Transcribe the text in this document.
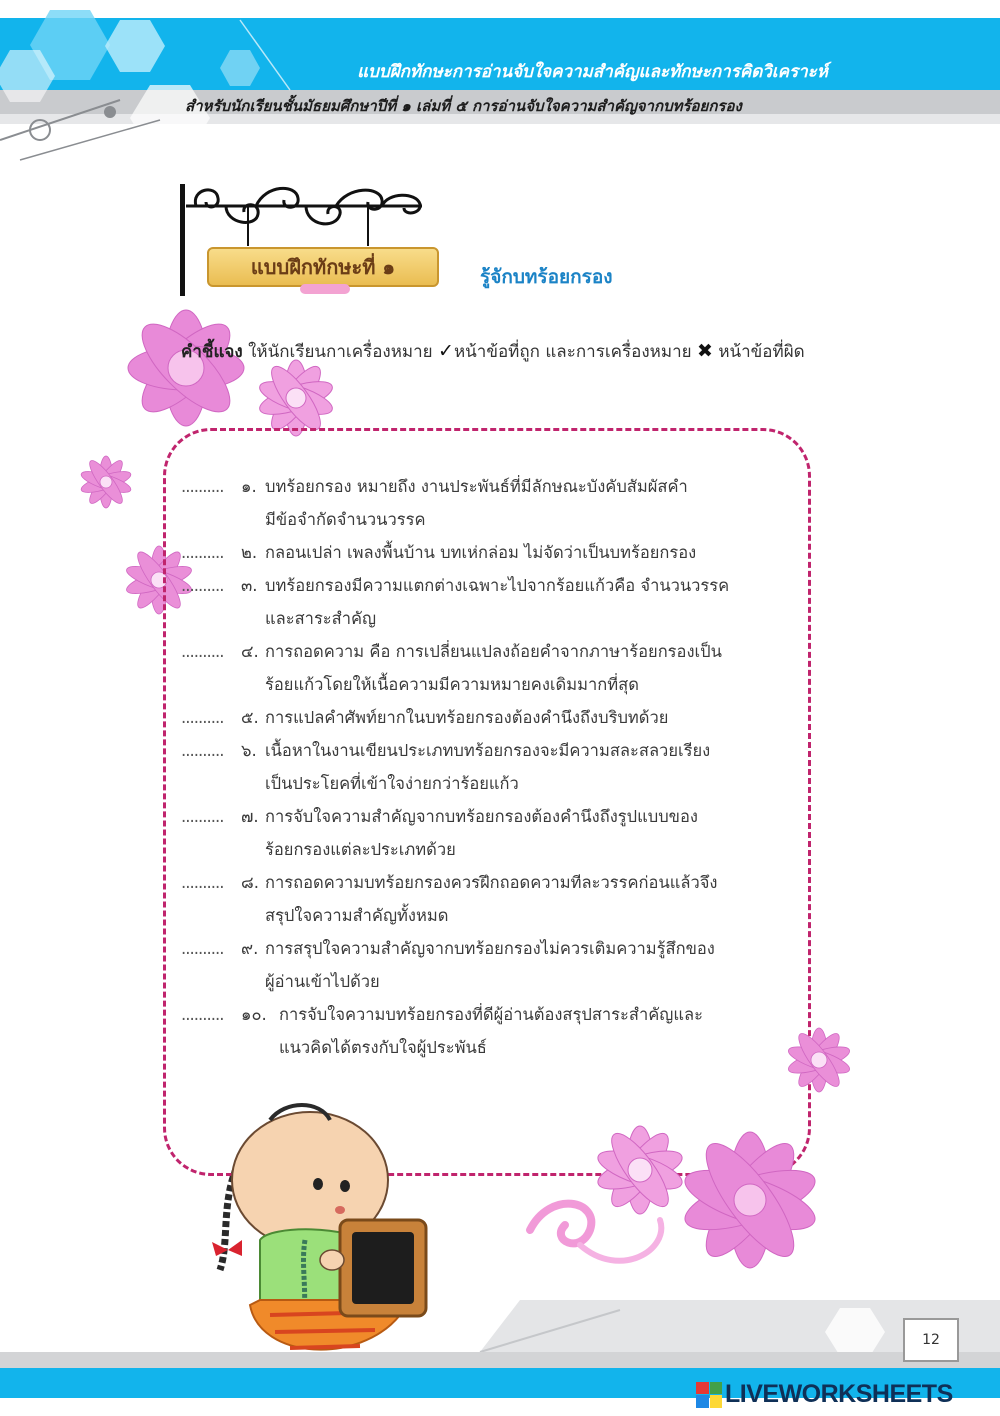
แบบฝึกทักษะการอ่านจับใจความสำคัญและทักษะการคิดวิเคราะห์
สำหรับนักเรียนชั้นมัธยมศึกษาปีที่ ๑ เล่มที่ ๕ การอ่านจับใจความสำคัญจากบทร้อยกรอง
แบบฝึกทักษะที่ ๑	รู้จักบทร้อยกรอง
คำชี้แจง ให้นักเรียนกาเครื่องหมาย ✓หน้าข้อที่ถูก และการเครื่องหมาย ✖ หน้าข้อที่ผิด
..........	๑. บทร้อยกรอง หมายถึง งานประพันธ์ที่มีลักษณะบังคับสัมผัสคำ
มีข้อจำกัดจำนวนวรรค
..........	๒. กลอนเปล่า เพลงพื้นบ้าน บทเห่กล่อม ไม่จัดว่าเป็นบทร้อยกรอง
..........	๓. บทร้อยกรองมีความแตกต่างเฉพาะไปจากร้อยแก้วคือ จำนวนวรรค
และสาระสำคัญ
..........	๔. การถอดความ คือ การเปลี่ยนแปลงถ้อยคำจากภาษาร้อยกรองเป็น
ร้อยแก้วโดยให้เนื้อความมีความหมายคงเดิมมากที่สุด
..........	๕. การแปลคำศัพท์ยากในบทร้อยกรองต้องคำนึงถึงบริบทด้วย
..........	๖. เนื้อหาในงานเขียนประเภทบทร้อยกรองจะมีความสละสลวยเรียง
เป็นประโยคที่เข้าใจง่ายกว่าร้อยแก้ว
..........	๗. การจับใจความสำคัญจากบทร้อยกรองต้องคำนึงถึงรูปแบบของ
ร้อยกรองแต่ละประเภทด้วย
..........	๘. การถอดความบทร้อยกรองควรฝึกถอดความทีละวรรคก่อนแล้วจึง
สรุปใจความสำคัญทั้งหมด
..........	๙. การสรุปใจความสำคัญจากบทร้อยกรองไม่ควรเติมความรู้สึกของ
ผู้อ่านเข้าไปด้วย
..........	๑๐. การจับใจความบทร้อยกรองที่ดีผู้อ่านต้องสรุปสาระสำคัญและ
แนวคิดได้ตรงกับใจผู้ประพันธ์
12
LIVEWORKSHEETS
